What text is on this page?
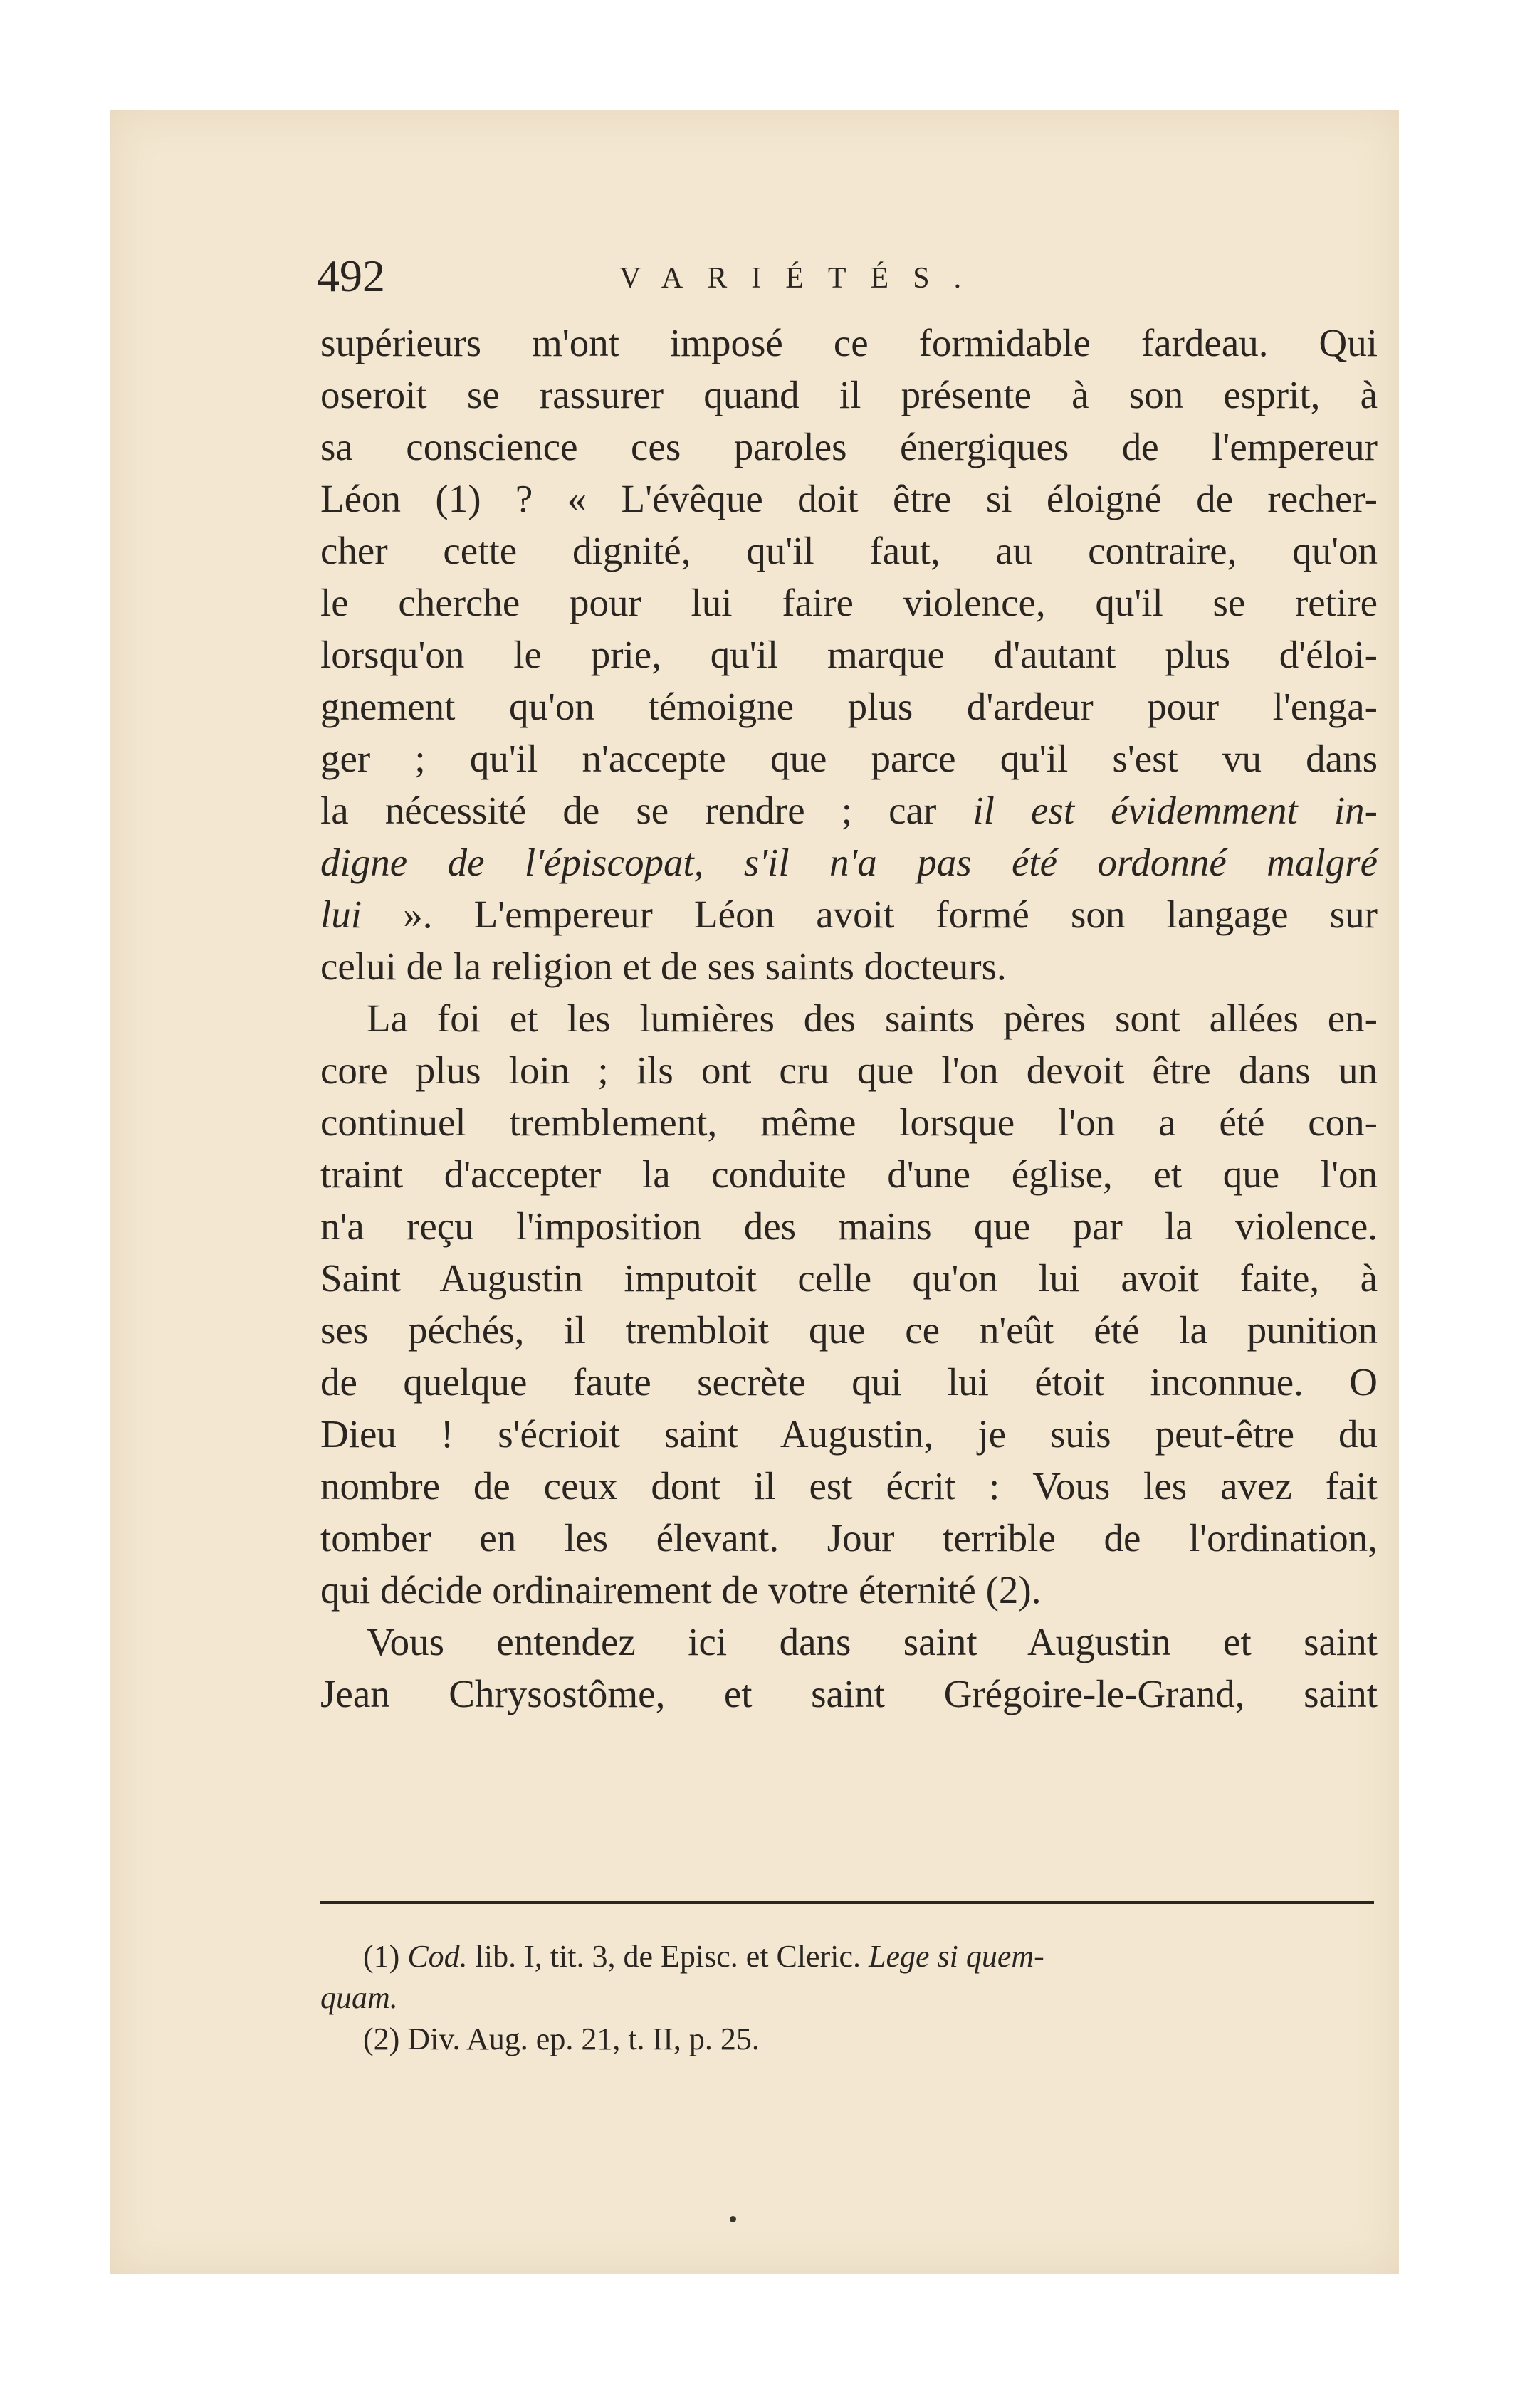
492	VARIÉTÉS.
supérieurs m'ont imposé ce formidable fardeau. Qui
oseroit se rassurer quand il présente à son esprit, à
sa conscience ces paroles énergiques de l'empereur
Léon (1) ? « L'évêque doit être si éloigné de recher-
cher cette dignité, qu'il faut, au contraire, qu'on
le cherche pour lui faire violence, qu'il se retire
lorsqu'on le prie, qu'il marque d'autant plus d'éloi-
gnement qu'on témoigne plus d'ardeur pour l'enga-
ger ; qu'il n'accepte que parce qu'il s'est vu dans
la nécessité de se rendre ; car il est évidemment in-
digne de l'épiscopat, s'il n'a pas été ordonné malgré
lui ». L'empereur Léon avoit formé son langage sur
celui de la religion et de ses saints docteurs.
La foi et les lumières des saints pères sont allées en-
core plus loin ; ils ont cru que l'on devoit être dans un
continuel tremblement, même lorsque l'on a été con-
traint d'accepter la conduite d'une église, et que l'on
n'a reçu l'imposition des mains que par la violence.
Saint Augustin imputoit celle qu'on lui avoit faite, à
ses péchés, il trembloit que ce n'eût été la punition
de quelque faute secrète qui lui étoit inconnue. O
Dieu ! s'écrioit saint Augustin, je suis peut-être du
nombre de ceux dont il est écrit : Vous les avez fait
tomber en les élevant. Jour terrible de l'ordination,
qui décide ordinairement de votre éternité (2).
Vous entendez ici dans saint Augustin et saint
Jean Chrysostôme, et saint Grégoire-le-Grand, saint
(1) Cod. lib. I, tit. 3, de Episc. et Cleric. Lege si quem-
quam.
(2) Div. Aug. ep. 21, t. II, p. 25.
